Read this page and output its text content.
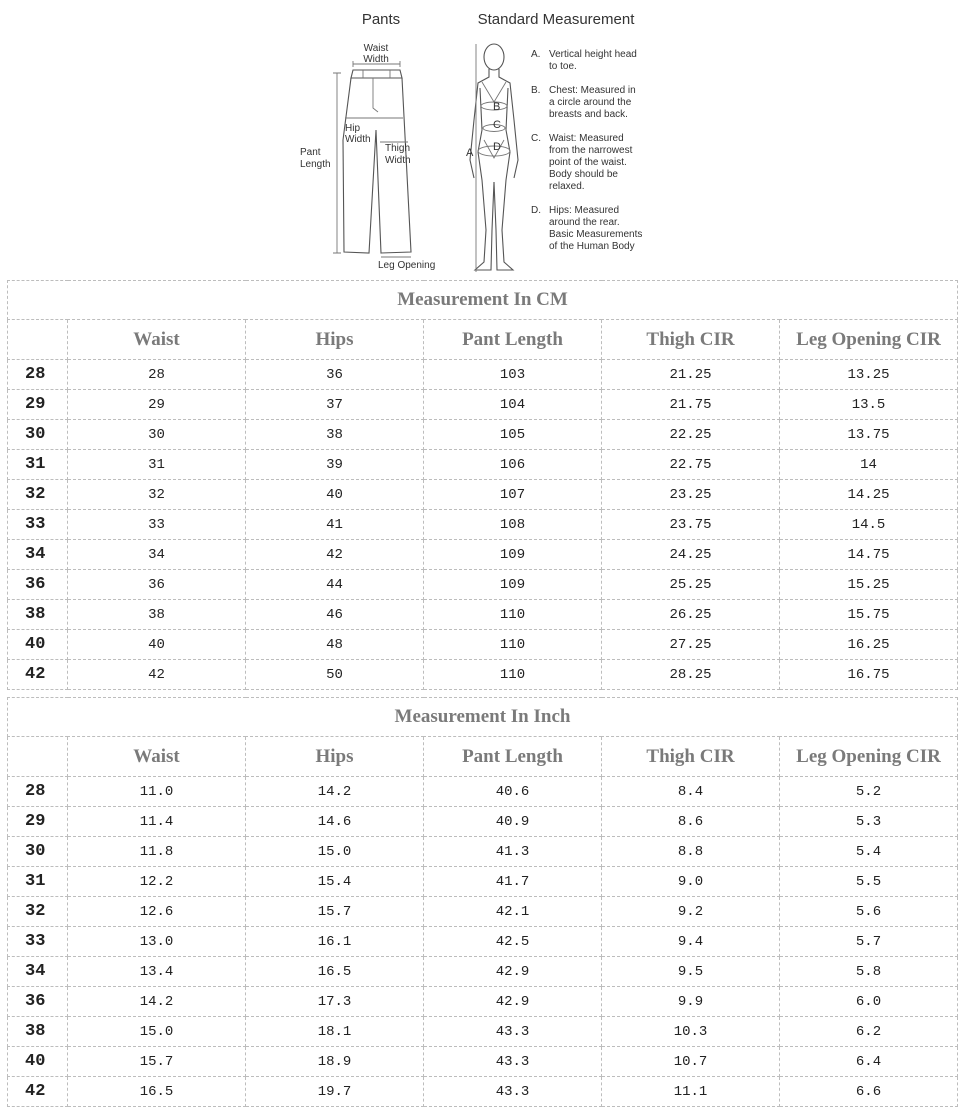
Pants	Standard Measurement
Waist
Width
Hip
Width
Thigh
Width
Pant
Length
Leg Opening
A
B
C
D
A. Vertical height head
to toe.
B. Chest: Measured in
a circle around the
breasts and back.
C. Waist: Measured
from the narrowest
point of the waist.
Body should be
relaxed.
D. Hips: Measured
around the rear.
Basic Measurements
of the Human Body
Measurement In CM					
	Waist	Hips	Pant Length	Thigh CIR	Leg Opening CIR
28	28	36	103	21.25	13.25
29	29	37	104	21.75	13.5
30	30	38	105	22.25	13.75
31	31	39	106	22.75	14
32	32	40	107	23.25	14.25
33	33	41	108	23.75	14.5
34	34	42	109	24.25	14.75
36	36	44	109	25.25	15.25
38	38	46	110	26.25	15.75
40	40	48	110	27.25	16.25
42	42	50	110	28.25	16.75
Measurement In Inch					
	Waist	Hips	Pant Length	Thigh CIR	Leg Opening CIR
28	11.0	14.2	40.6	8.4	5.2
29	11.4	14.6	40.9	8.6	5.3
30	11.8	15.0	41.3	8.8	5.4
31	12.2	15.4	41.7	9.0	5.5
32	12.6	15.7	42.1	9.2	5.6
33	13.0	16.1	42.5	9.4	5.7
34	13.4	16.5	42.9	9.5	5.8
36	14.2	17.3	42.9	9.9	6.0
38	15.0	18.1	43.3	10.3	6.2
40	15.7	18.9	43.3	10.7	6.4
42	16.5	19.7	43.3	11.1	6.6
